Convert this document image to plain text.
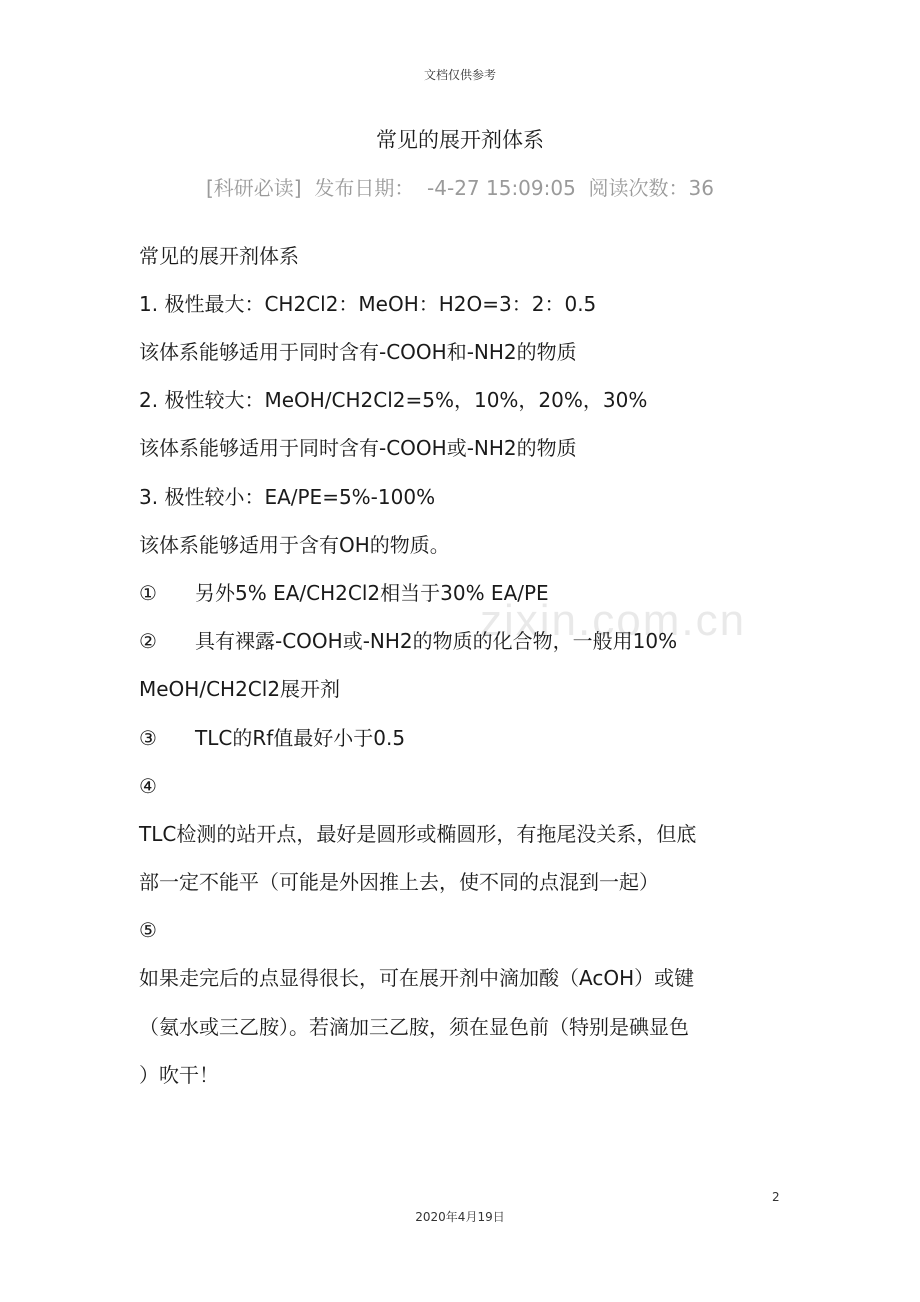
文档仅供参考
常见的展开剂体系
[科研必读]  发布日期：  -4-27 15:09:05  阅读次数：36
zixin.com.cn
常见的展开剂体系
1. 极性最大：CH2Cl2：MeOH：H2O=3：2：0.5
该体系能够适用于同时含有-COOH和-NH2的物质
2. 极性较大：MeOH/CH2Cl2=5%，10%，20%，30%
该体系能够适用于同时含有-COOH或-NH2的物质
3. 极性较小：EA/PE=5%-100%
该体系能够适用于含有OH的物质。
① 另外5% EA/CH2Cl2相当于30% EA/PE
② 具有裸露-COOH或-NH2的物质的化合物，一般用10%
MeOH/CH2Cl2展开剂
③ TLC的Rf值最好小于0.5
④
TLC检测的站开点，最好是圆形或椭圆形，有拖尾没关系，但底
部一定不能平（可能是外因推上去，使不同的点混到一起）
⑤
如果走完后的点显得很长，可在展开剂中滴加酸（AcOH）或键
（氨水或三乙胺）。若滴加三乙胺，须在显色前（特别是碘显色
）吹干！
2
2020年4月19日
